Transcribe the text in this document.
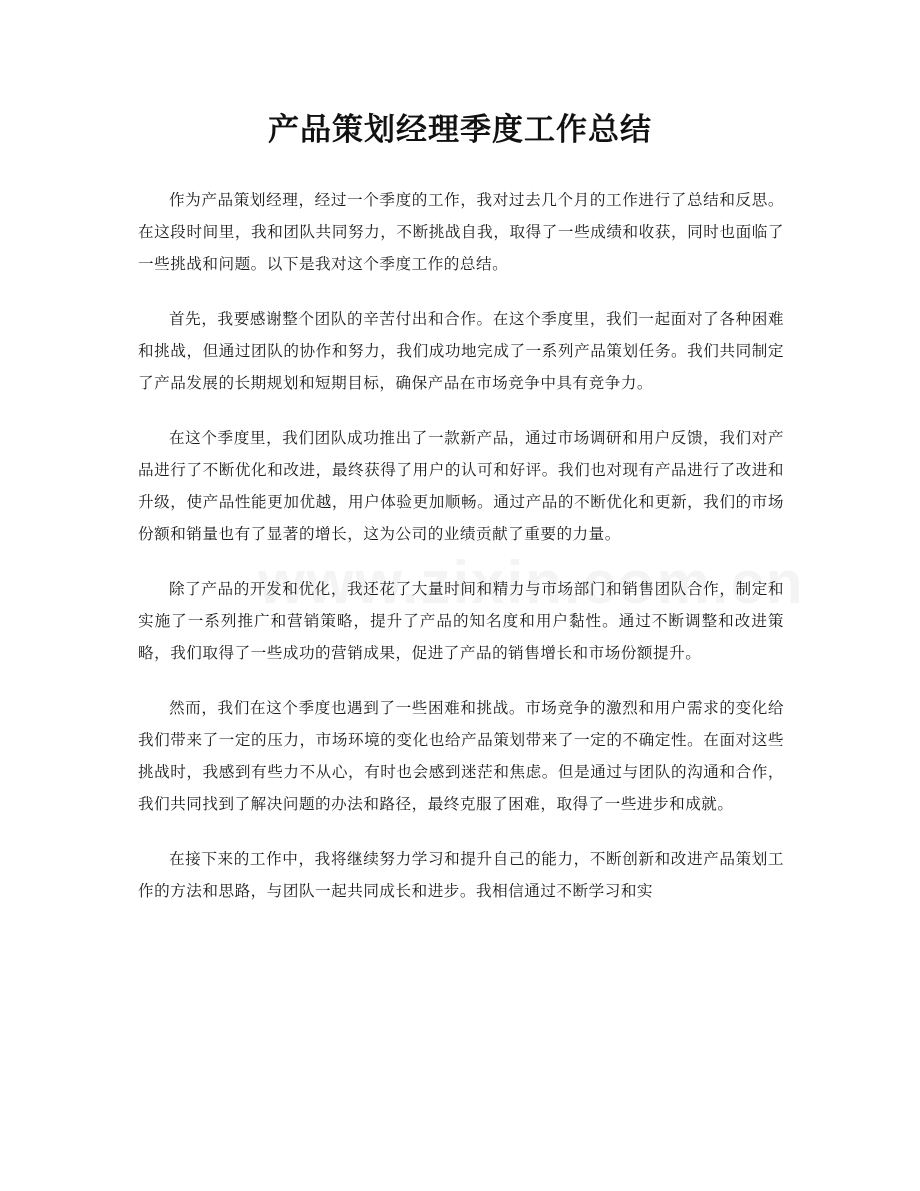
产品策划经理季度工作总结

作为产品策划经理，经过一个季度的工作，我对过去几个月的工作进行了总结和反思。在这段时间里，我和团队共同努力，不断挑战自我，取得了一些成绩和收获，同时也面临了一些挑战和问题。以下是我对这个季度工作的总结。

首先，我要感谢整个团队的辛苦付出和合作。在这个季度里，我们一起面对了各种困难和挑战，但通过团队的协作和努力，我们成功地完成了一系列产品策划任务。我们共同制定了产品发展的长期规划和短期目标，确保产品在市场竞争中具有竞争力。

在这个季度里，我们团队成功推出了一款新产品，通过市场调研和用户反馈，我们对产品进行了不断优化和改进，最终获得了用户的认可和好评。我们也对现有产品进行了改进和升级，使产品性能更加优越，用户体验更加顺畅。通过产品的不断优化和更新，我们的市场份额和销量也有了显著的增长，这为公司的业绩贡献了重要的力量。

除了产品的开发和优化，我还花了大量时间和精力与市场部门和销售团队合作，制定和实施了一系列推广和营销策略，提升了产品的知名度和用户黏性。通过不断调整和改进策略，我们取得了一些成功的营销成果，促进了产品的销售增长和市场份额提升。

然而，我们在这个季度也遇到了一些困难和挑战。市场竞争的激烈和用户需求的变化给我们带来了一定的压力，市场环境的变化也给产品策划带来了一定的不确定性。在面对这些挑战时，我感到有些力不从心，有时也会感到迷茫和焦虑。但是通过与团队的沟通和合作，我们共同找到了解决问题的办法和路径，最终克服了困难，取得了一些进步和成就。

在接下来的工作中，我将继续努力学习和提升自己的能力，不断创新和改进产品策划工作的方法和思路，与团队一起共同成长和进步。我相信通过不断学习和实
